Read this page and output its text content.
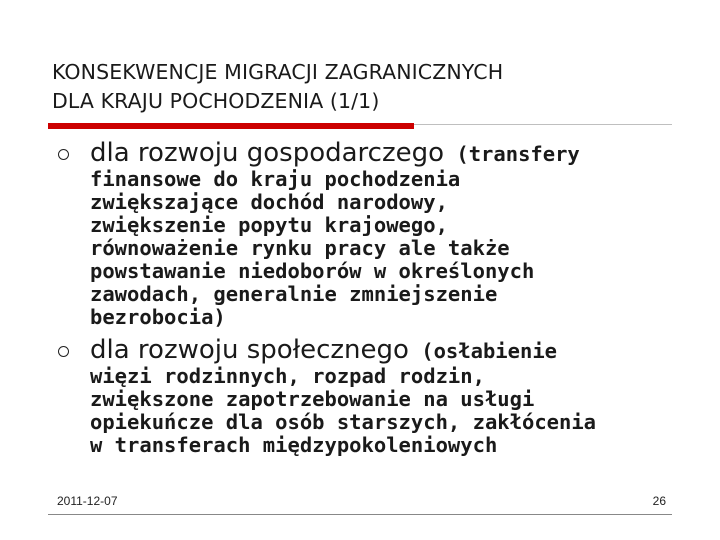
KONSEKWENCJE MIGRACJI ZAGRANICZNYCH
DLA KRAJU POCHODZENIA (1/1)
dla rozwoju gospodarczego (transfery
finansowe do kraju pochodzenia
zwiększające dochód narodowy,
zwiększenie popytu krajowego,
równoważenie rynku pracy ale także
powstawanie niedoborów w określonych
zawodach, generalnie zmniejszenie
bezrobocia)
dla rozwoju społecznego (osłabienie
więzi rodzinnych, rozpad rodzin,
zwiększone zapotrzebowanie na usługi
opiekuńcze dla osób starszych, zakłócenia
w transferach międzypokoleniowych
2011-12-07	26
